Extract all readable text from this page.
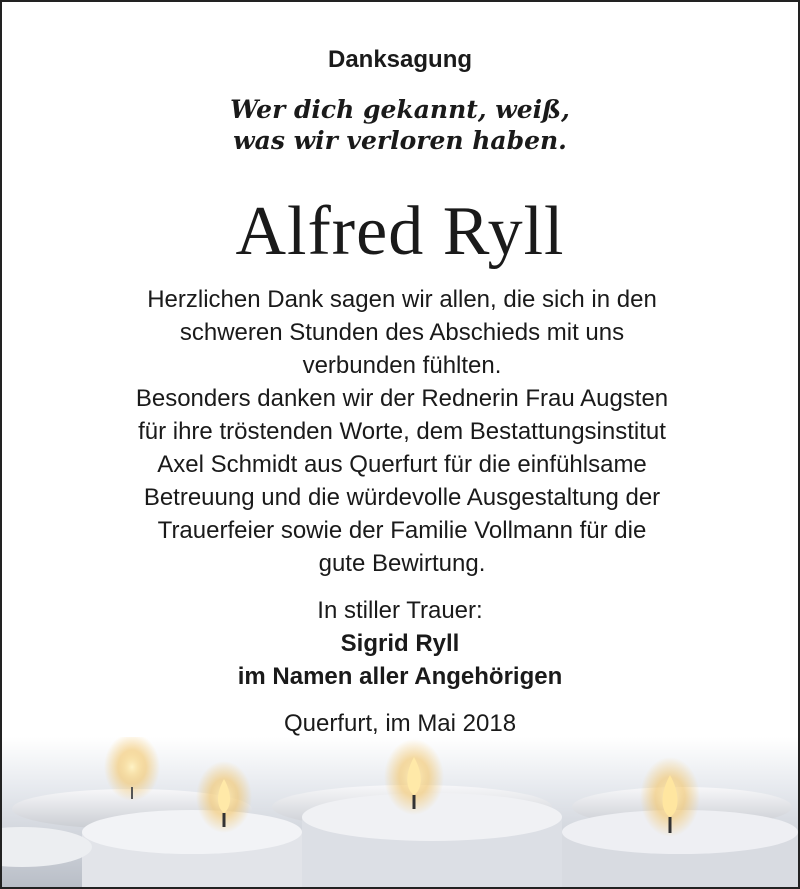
Danksagung
Wer dich gekannt, weiß,
was wir verloren haben.
Alfred Ryll
Herzlichen Dank sagen wir allen, die sich in den
schweren Stunden des Abschieds mit uns
verbunden fühlten.
Besonders danken wir der Rednerin Frau Augsten
für ihre tröstenden Worte, dem Bestattungsinstitut
Axel Schmidt aus Querfurt für die einfühlsame
Betreuung und die würdevolle Ausgestaltung der
Trauerfeier sowie der Familie Vollmann für die
gute Bewirtung.
In stiller Trauer:
Sigrid Ryll
im Namen aller Angehörigen
Querfurt, im Mai 2018
